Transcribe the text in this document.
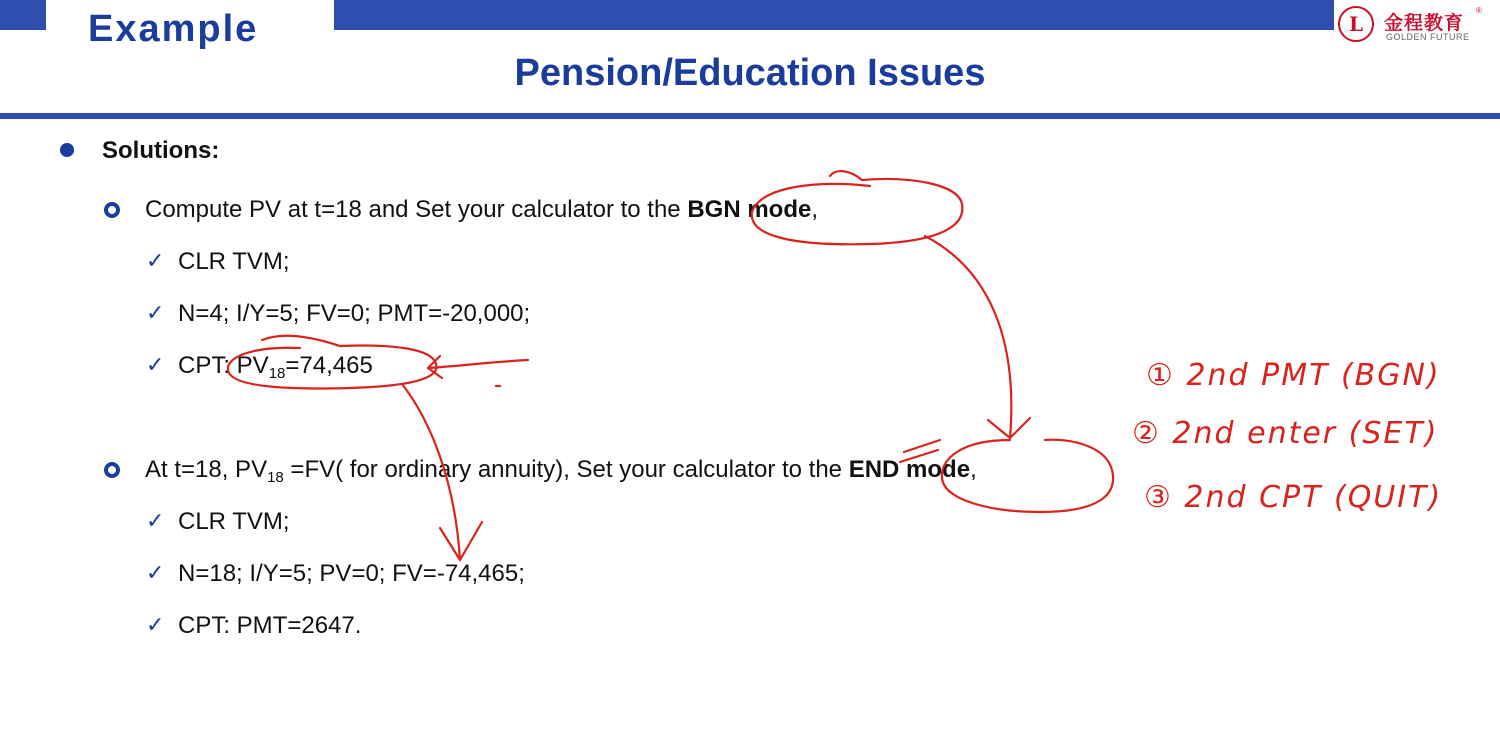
Example	L	金程教育
®
GOLDEN FUTURE
Pension/Education Issues
Solutions:
Compute PV at t=18 and Set your calculator to the BGN mode,
✓ CLR TVM;
✓ N=4; I/Y=5; FV=0; PMT=-20,000;
✓ CPT: $PV_{18}=74,465$
At t=18, $PV_{18} =FV$( for ordinary annuity), Set your calculator to the END mode,
✓ CLR TVM;
✓ N=18; I/Y=5; PV=0; FV=-74,465;
✓ CPT: PMT=2647.
① 2nd PMT (BGN)
② 2nd enter (SET)
③ 2nd CPT (QUIT)
